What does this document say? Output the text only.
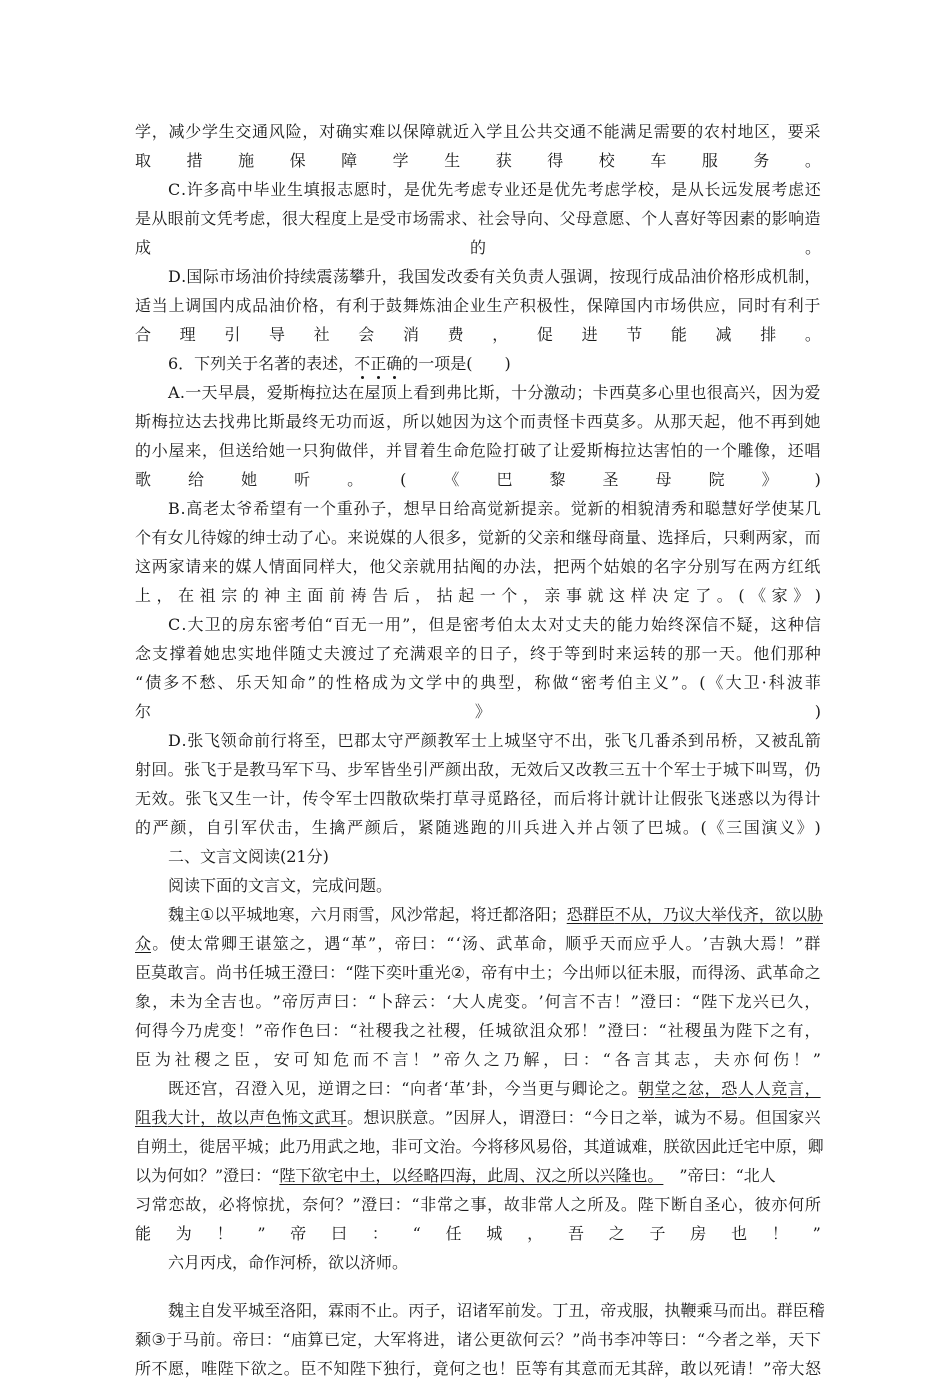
学 ， 减 少 学 生 交 通 风 险 ， 对 确 实 难 以 保 障 就 近 入 学 且 公 共 交 通 不 能 满 足 需 要 的 农 村 地 区 ， 要 采
取 措 施 保 障 学 生 获 得 校 车 服 务 。
C . 许 多 高 中 毕 业 生 填 报 志 愿 时 ， 是 优 先 考 虑 专 业 还 是 优 先 考 虑 学 校 ， 是 从 长 远 发 展 考 虑 还
是 从 眼 前 文 凭 考 虑 ， 很 大 程 度 上 是 受 市 场 需 求 、 社 会 导 向 、 父 母 意 愿 、 个 人 喜 好 等 因 素 的 影 响 造
成	的	。
D . 国 际 市 场 油 价 持 续 震 荡 攀 升 ， 我 国 发 改 委 有 关 负 责 人 强 调 ， 按 现 行 成 品 油 价 格 形 成 机 制 ，
适 当 上 调 国 内 成 品 油 价 格 ， 有 利 于 鼓 舞 炼 油 企 业 生 产 积 极 性 ， 保 障 国 内 市 场 供 应 ， 同 时 有 利 于
合 理 引 导 社 会 消 费 ， 促 进 节 能 减 排 。
6．下列关于名著的表述， 不正确 的一项是(　　)
A . 一 天 早 晨 ， 爱 斯 梅 拉 达 在 屋 顶 上 看 到 弗 比 斯 ， 十 分 激 动 ； 卡 西 莫 多 心 里 也 很 高 兴 ， 因 为 爱
斯 梅 拉 达 去 找 弗 比 斯 最 终 无 功 而 返 ， 所 以 她 因 为 这 个 而 责 怪 卡 西 莫 多 。 从 那 天 起 ， 他 不 再 到 她
的 小 屋 来 ， 但 送 给 她 一 只 狗 做 伴 ， 并 冒 着 生 命 危 险 打 破 了 让 爱 斯 梅 拉 达 害 怕 的 一 个 雕 像 ， 还 唱
歌 给 她 听 。 ( 《 巴 黎 圣 母 院 》 )
B . 高 老 太 爷 希 望 有 一 个 重 孙 子 ， 想 早 日 给 高 觉 新 提 亲 。 觉 新 的 相 貌 清 秀 和 聪 慧 好 学 使 某 几
个 有 女 儿 待 嫁 的 绅 士 动 了 心 。 来 说 媒 的 人 很 多 ， 觉 新 的 父 亲 和 继 母 商 量 、 选 择 后 ， 只 剩 两 家 ， 而
这 两 家 请 来 的 媒 人 情 面 同 样 大 ， 他 父 亲 就 用 拈 阄 的 办 法 ， 把 两 个 姑 娘 的 名 字 分 别 写 在 两 方 红 纸
上 ， 在 祖 宗 的 神 主 面 前 祷 告 后 ， 拈 起 一 个 ， 亲 事 就 这 样 决 定 了 。 ( 《 家 》 )
C . 大 卫 的 房 东 密 考 伯 “ 百 无 一 用 ” ， 但 是 密 考 伯 太 太 对 丈 夫 的 能 力 始 终 深 信 不 疑 ， 这 种 信
念 支 撑 着 她 忠 实 地 伴 随 丈 夫 渡 过 了 充 满 艰 辛 的 日 子 ， 终 于 等 到 时 来 运 转 的 那 一 天 。 他 们 那 种
“ 债 多 不 愁 、 乐 天 知 命 ” 的 性 格 成 为 文 学 中 的 典 型 ， 称 做 “ 密 考 伯 主 义 ” 。 ( 《 大 卫 · 科 波 菲
尔	》	)
D . 张 飞 领 命 前 行 将 至 ， 巴 郡 太 守 严 颜 教 军 士 上 城 坚 守 不 出 ， 张 飞 几 番 杀 到 吊 桥 ， 又 被 乱 箭
射 回 。 张 飞 于 是 教 马 军 下 马 、 步 军 皆 坐 引 严 颜 出 敌 ， 无 效 后 又 改 教 三 五 十 个 军 士 于 城 下 叫 骂 ， 仍
无 效 。 张 飞 又 生 一 计 ， 传 令 军 士 四 散 砍 柴 打 草 寻 觅 路 径 ， 而 后 将 计 就 计 让 假 张 飞 迷 惑 以 为 得 计
的 严 颜 ， 自 引 军 伏 击 ， 生 擒 严 颜 后 ， 紧 随 逃 跑 的 川 兵 进 入 并 占 领 了 巴 城 。 ( 《 三 国 演 义 》 )
二、文言文阅读(21分)
阅读下面的文言文，完成问题。
魏 主 ① 以 平 城 地 寒 ， 六 月 雨 雪 ， 风 沙 常 起 ， 将 迁 都 洛 阳 ； 恐 群 臣 不 从 ， 乃 议 大 举 伐 齐 ， 欲 以 胁
众 。 使 太 常 卿 王 谌 筮 之 ， 遇 “ 革 ” ， 帝 曰 ： “ ‘ 汤 、 武 革 命 ， 顺 乎 天 而 应 乎 人 。 ’ 吉 孰 大 焉 ！ ” 群
臣 莫 敢 言 。 尚 书 任 城 王 澄 曰 ： “ 陛 下 奕 叶 重 光 ② ， 帝 有 中 土 ； 今 出 师 以 征 未 服 ， 而 得 汤 、 武 革 命 之
象 ， 未 为 全 吉 也 。 ” 帝 厉 声 曰 ： “ 卜 辞 云 ： ‘ 大 人 虎 变 。 ’ 何 言 不 吉 ！ ” 澄 曰 ： “ 陛 下 龙 兴 已 久 ，
何 得 今 乃 虎 变 ！ ” 帝 作 色 曰 ： “ 社 稷 我 之 社 稷 ， 任 城 欲 沮 众 邪 ！ ” 澄 曰 ： “ 社 稷 虽 为 陛 下 之 有 ，
臣 为 社 稷 之 臣 ， 安 可 知 危 而 不 言 ！ ” 帝 久 之 乃 解 ， 曰 ： “ 各 言 其 志 ， 夫 亦 何 伤 ！ ”
既 还 宫 ， 召 澄 入 见 ， 逆 谓 之 曰 ： “ 向 者 ‘ 革 ’ 卦 ， 今 当 更 与 卿 论 之 。 朝 堂 之 忿 ， 恐 人 人 竞 言 ，
阻 我 大 计 ， 故 以 声 色 怖 文 武 耳 。 想 识 朕 意 。 ” 因 屏 人 ， 谓 澄 曰 ： “ 今 日 之 举 ， 诚 为 不 易 。 但 国 家 兴
自 朔 土 ， 徙 居 平 城 ； 此 乃 用 武 之 地 ， 非 可 文 治 。 今 将 移 风 易 俗 ， 其 道 诚 难 ， 朕 欲 因 此 迁 宅 中 原 ， 卿
以为何如？”澄曰：“ 陛下欲宅中土，以经略四海，此周、汉之所以兴隆也。 　”帝曰：“北人
习 常 恋 故 ， 必 将 惊 扰 ， 奈 何 ？ ” 澄 曰 ： “ 非 常 之 事 ， 故 非 常 人 之 所 及 。 陛 下 断 自 圣 心 ， 彼 亦 何 所
能 为 ！ ” 帝 曰 ： “ 任 城 ， 吾 之 子 房 也 ！ ”
六月丙戌，命作河桥，欲以济师。
魏 主 自 发 平 城 至 洛 阳 ， 霖 雨 不 止 。 丙 子 ， 诏 诸 军 前 发 。 丁 丑 ， 帝 戎 服 ， 执 鞭 乘 马 而 出 。 群 臣 稽
颡 ③ 于 马 前 。 帝 曰 ： “ 庙 算 已 定 ， 大 军 将 进 ， 诸 公 更 欲 何 云 ？ ” 尚 书 李 冲 等 曰 ： “ 今 者 之 举 ， 天 下
所 不 愿 ， 唯 陛 下 欲 之 。 臣 不 知 陛 下 独 行 ， 竟 何 之 也 ！ 臣 等 有 其 意 而 无 其 辞 ， 敢 以 死 请 ！ ” 帝 大 怒
